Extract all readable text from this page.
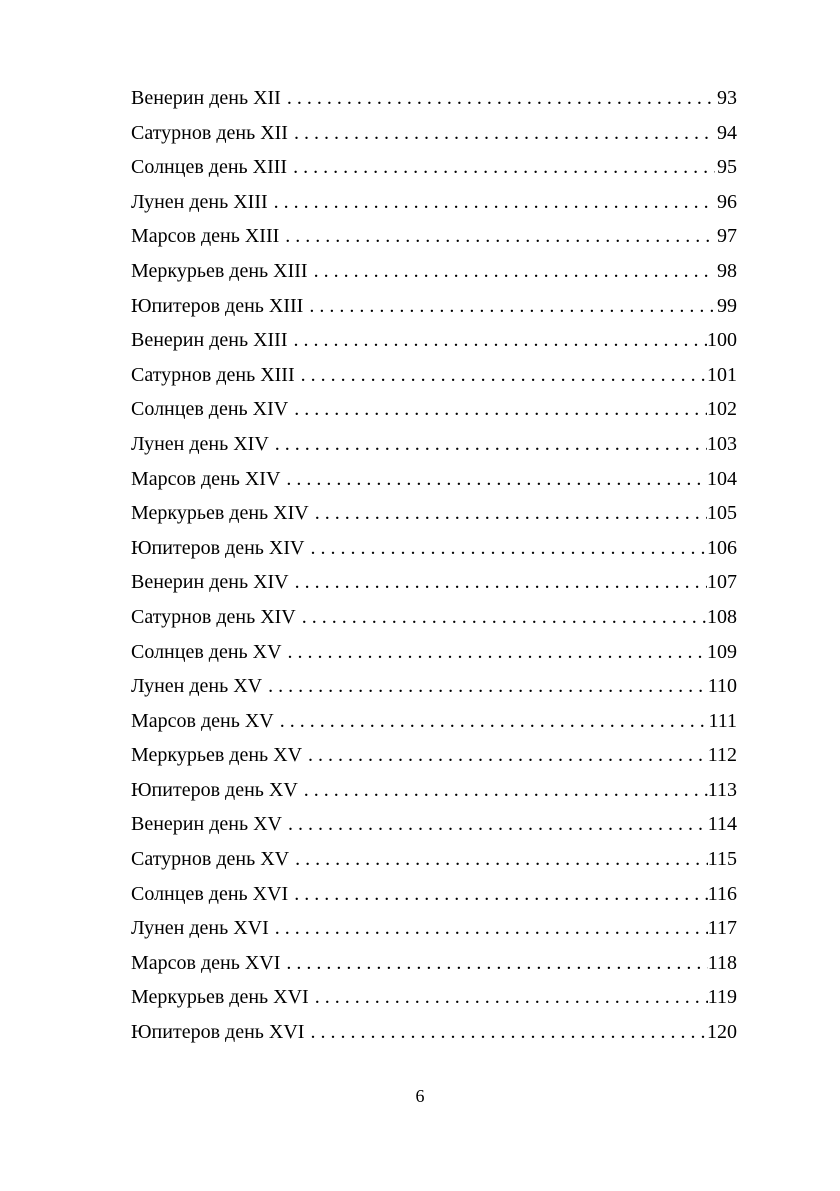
Венерин день XII . . .	93
Сатурнов день XII . . .	94
Солнцев день XIII . . .	95
Лунен день XIII . . .	96
Марсов день XIII . . .	97
Меркурьев день XIII . . .	98
Юпитеров день XIII . . .	99
Венерин день XIII . . .	100
Сатурнов день XIII . . .	101
Солнцев день XIV . . .	102
Лунен день XIV . . .	103
Марсов день XIV . . .	104
Меркурьев день XIV . . .	105
Юпитеров день XIV . . .	106
Венерин день XIV . . .	107
Сатурнов день XIV . . .	108
Солнцев день XV . . .	109
Лунен день XV . . .	110
Марсов день XV . . .	111
Меркурьев день XV . . .	112
Юпитеров день XV . . .	113
Венерин день XV . . .	114
Сатурнов день XV . . .	115
Солнцев день XVI . . .	116
Лунен день XVI . . .	117
Марсов день XVI . . .	118
Меркурьев день XVI . . .	119
Юпитеров день XVI . . .	120
6
